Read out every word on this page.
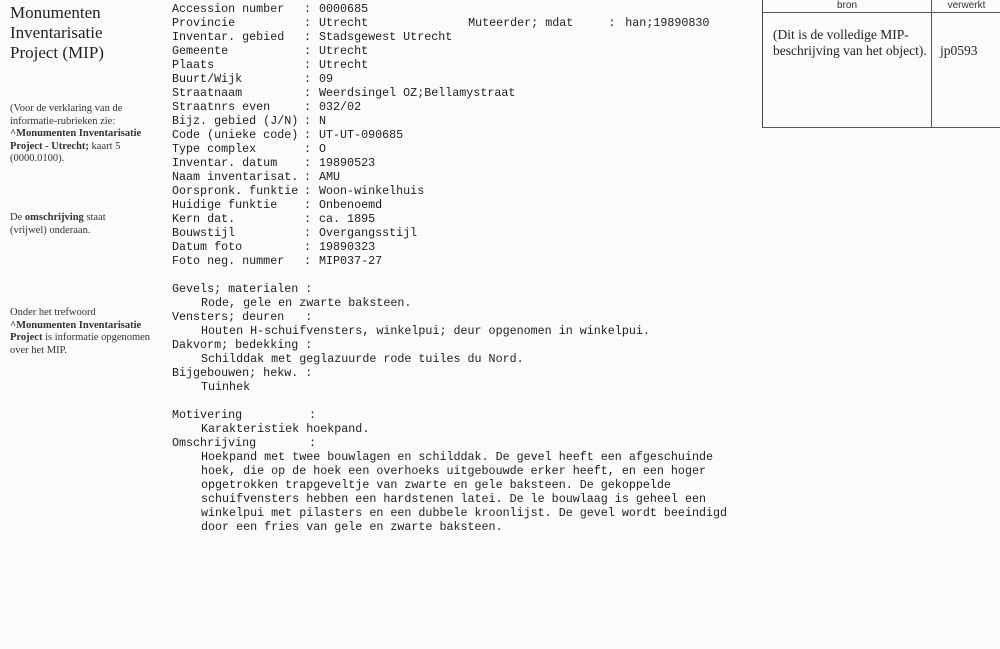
Monumenten Inventarisatie Project (MIP)
(Voor de verklaring van de informatie-rubrieken zie: ^Monumenten Inventarisatie Project - Utrecht; kaart 5 (0000.0100).
De omschrijving staat (vrijwel) onderaan.
Onder het trefwoord ^Monumenten Inventarisatie Project is informatie opgenomen over het MIP.

Muteerder; mdat     : han;19890830

Accession number	: 0000685
Provincie	: Utrecht
Inventar. gebied	: Stadsgewest Utrecht
Gemeente	: Utrecht
Plaats	: Utrecht
Buurt/Wijk	: 09
Straatnaam	: Weerdsingel OZ;Bellamystraat
Straatnrs even	: 032/02
Bijz. gebied (J/N) : N
Code (unieke code) : UT-UT-090685
Type complex	: O
Inventar. datum	: 19890523
Naam inventarisat. : AMU
Oorspronk. funktie : Woon-winkelhuis
Huidige funktie	: Onbenoemd
Kern dat.	: ca. 1895
Bouwstijl	: Overgangsstijl
Datum foto	: 19890323
Foto neg. nummer	: MIP037-27
Gevels; materialen :
Rode, gele en zwarte baksteen.
Vensters; deuren   :
Houten H-schuifvensters, winkelpui; deur opgenomen in winkelpui.
Dakvorm; bedekking :
Schilddak met geglazuurde rode tuiles du Nord.
Bijgebouwen; hekw. :
Tuinhek
Motivering	:
Karakteristiek hoekpand.
Omschrijving	:
Hoekpand met twee bouwlagen en schilddak. De gevel heeft een afgeschuinde
hoek, die op de hoek een overhoeks uitgebouwde erker heeft, en een hoger
opgetrokken trapgeveltje van zwarte en gele baksteen. De gekoppelde
schuifvensters hebben een hardstenen latei. De le bouwlaag is geheel een
winkelpui met pilasters en een dubbele kroonlijst. De gevel wordt beeindigd
door een fries van gele en zwarte baksteen.
bron	verwerkt
(Dit is de volledige MIP-beschrijving van het object). jp0593
